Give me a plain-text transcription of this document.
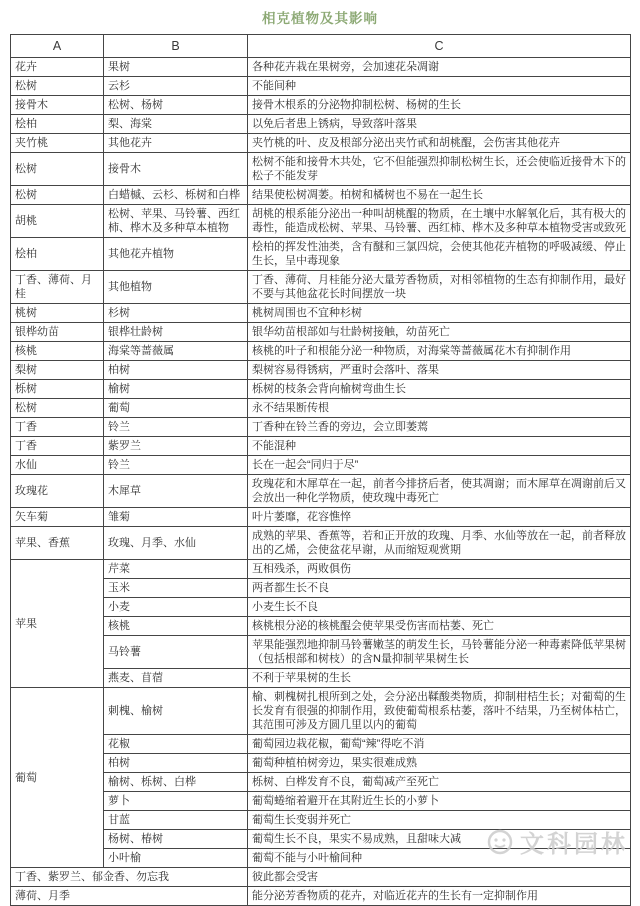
相克植物及其影响
A	B	C
花卉	果树	各种花卉栽在果树旁，会加速花朵凋谢
松树	云杉	不能间种
接骨木	松树、杨树	接骨木根系的分泌物抑制松树、杨树的生长
桧柏	梨、海棠	以免后者患上锈病，导致落叶落果
夹竹桃	其他花卉	夹竹桃的叶、皮及根部分泌出夹竹甙和胡桃醌，会伤害其他花卉
松树	接骨木	松树不能和接骨木共处，它不但能强烈抑制松树生长，还会使临近接骨木下的松子不能发芽
松树	白蜡槭、云杉、栎树和白桦	结果使松树凋萎。柏树和橘树也不易在一起生长
胡桃	松树、苹果、马铃薯、西红柿、桦木及多种草本植物	胡桃的根系能分泌出一种叫胡桃醌的物质，在土壤中水解氧化后，其有极大的毒性，能造成松树、苹果、马铃薯、西红柿、桦木及多种草本植物受害或致死
桧柏	其他花卉植物	桧柏的挥发性油类，含有醚和三氯四烷，会使其他花卉植物的呼吸减缓、停止生长，呈中毒现象
丁香、薄荷、月桂	其他植物	丁香、薄荷、月桂能分泌大量芳香物质，对相邻植物的生态有抑制作用，最好不要与其他盆花长时间摆放一块
桃树	杉树	桃树周围也不宜种杉树
银桦幼苗	银桦壮龄树	银华幼苗根部如与壮龄树接触，幼苗死亡
核桃	海棠等蔷薇属	核桃的叶子和根能分泌一种物质，对海棠等蔷薇属花木有抑制作用
梨树	柏树	梨树容易得锈病，严重时会落叶、落果
栎树	榆树	栎树的枝条会背向榆树弯曲生长
松树	葡萄	永不结果断传根
丁香	铃兰	丁香种在铃兰香的旁边，会立即萎蔫
丁香	紫罗兰	不能混种
水仙	铃兰	长在一起会“同归于尽”
玫瑰花	木犀草	玫瑰花和木犀草在一起，前者今排挤后者，使其凋谢；而木犀草在凋谢前后又会放出一种化学物质，使玫瑰中毒死亡
矢车菊	雏菊	叶片萎靡，花容憔悴
苹果、香蕉	玫瑰、月季、水仙	成熟的苹果、香蕉等，若和正开放的玫瑰、月季、水仙等放在一起，前者释放出的乙烯，会使盆花早谢，从而缩短观赏期
苹果	芹菜	互相残杀，两败俱伤
	玉米	两者都生长不良
	小麦	小麦生长不良
	核桃	核桃根分泌的核桃醌会使苹果受伤害而枯萎、死亡
	马铃薯	苹果能强烈地抑制马铃薯嫩茎的萌发生长，马铃薯能分泌一种毒素降低苹果树（包括根部和树枝）的含N量抑制苹果树生长
	燕麦、苜蓿	不利于苹果树的生长
葡萄	刺槐、榆树	榆、刺槐树扎根所到之处，会分泌出鞣酸类物质，抑制柑桔生长；对葡萄的生长发育有很强的抑制作用，致使葡萄根系枯萎，落叶不结果，乃至树体枯亡，其范围可涉及方圆几里以内的葡萄
	花椒	葡萄园边栽花椒，葡萄“辣”得吃不消
	柏树	葡萄种植柏树旁边，果实很难成熟
	榆树、栎树、白桦	栎树、白桦发育不良，葡萄减产至死亡
	萝卜	葡萄蜷缩着避开在其附近生长的小萝卜
	甘蓝	葡萄生长变弱并死亡
	杨树、椿树	葡萄生长不良，果实不易成熟，且甜味大减
	小叶榆	葡萄不能与小叶榆间种
丁香、紫罗兰、郁金香、勿忘我		彼此都会受害
薄荷、月季		能分泌芳香物质的花卉，对临近花卉的生长有一定抑制作用
文科园林
